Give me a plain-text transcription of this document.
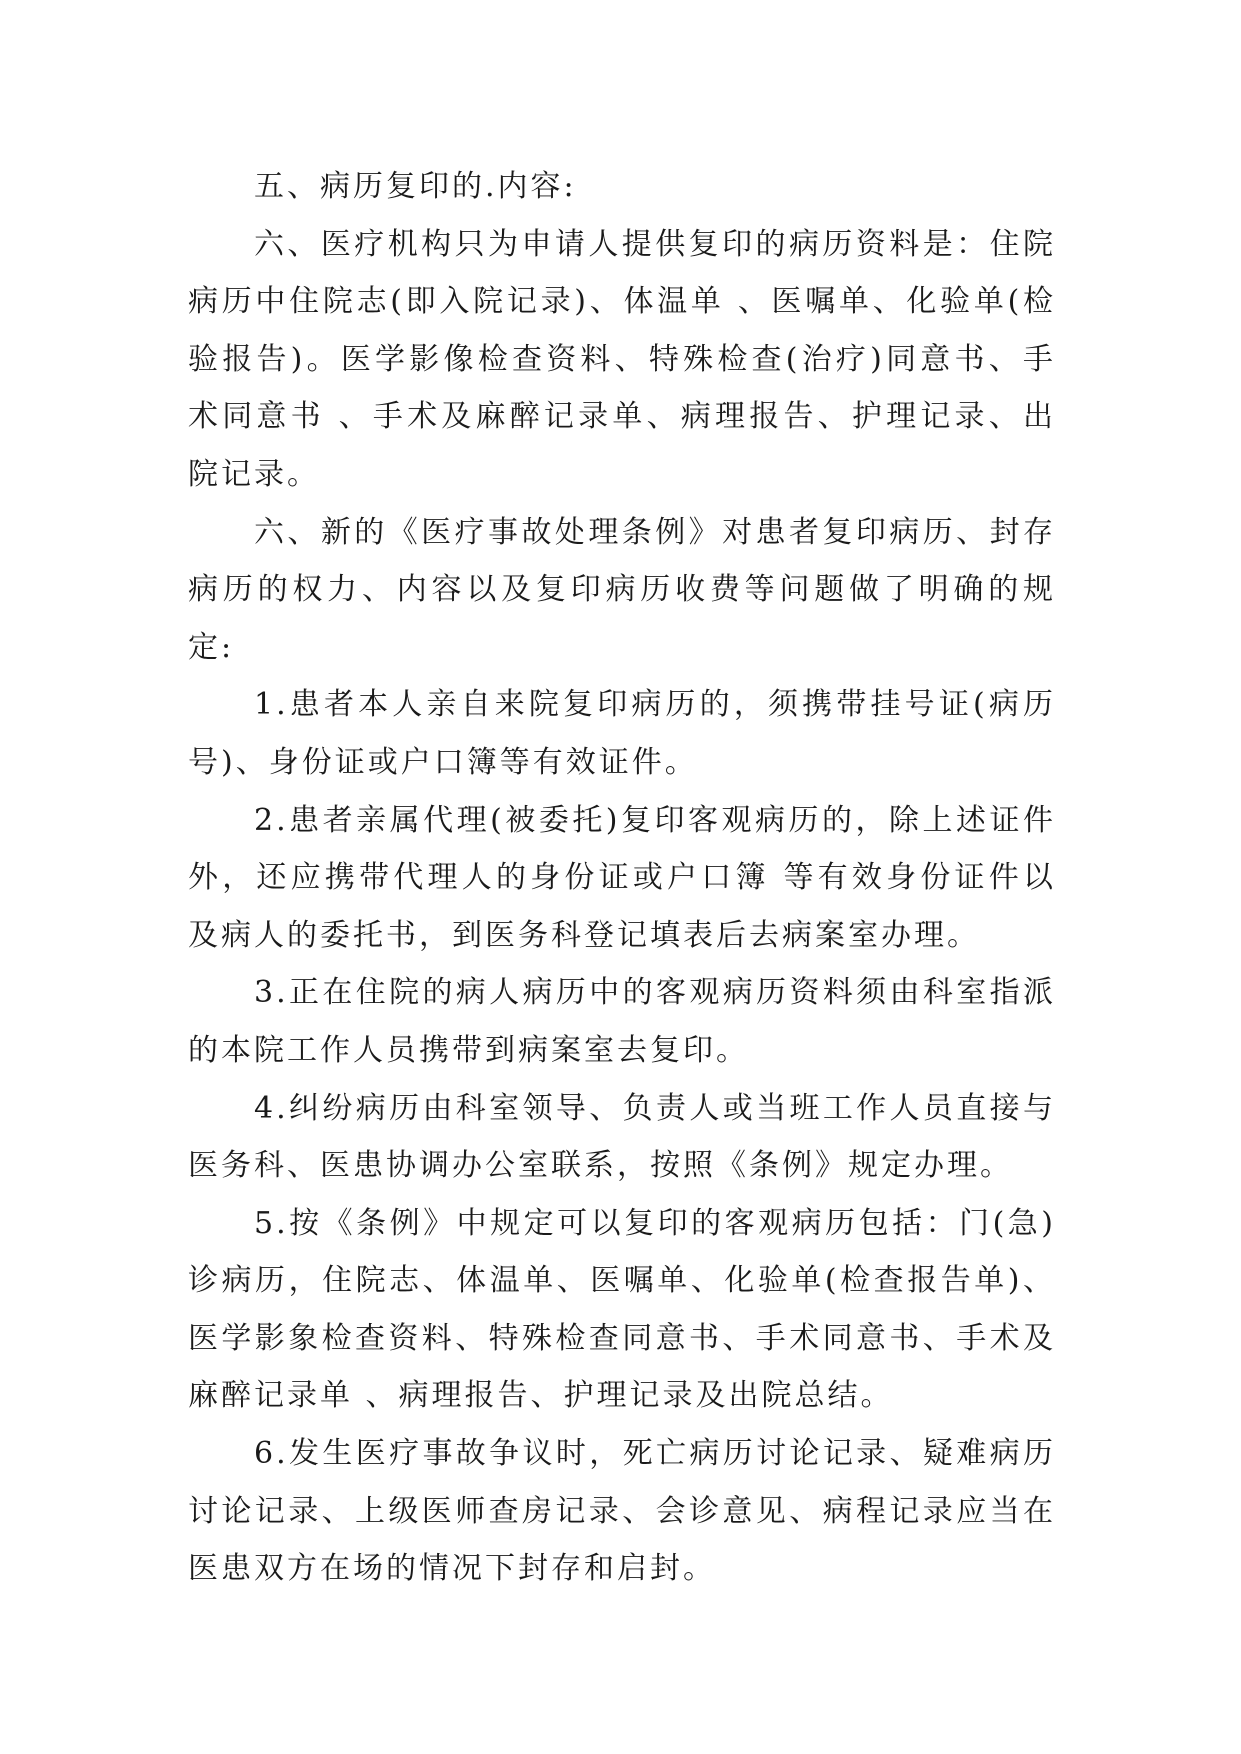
五、病历复印的.内容:

六、医疗机构只为申请人提供复印的病历资料是：住院病历中住院志(即入院记录)、体温单 、医嘱单、化验单(检验报告)。医学影像检查资料、特殊检查(治疗)同意书、手术同意书 、手术及麻醉记录单、病理报告、护理记录、出院记录。

六、新的《医疗事故处理条例》对患者复印病历、封存病历的权力、内容以及复印病历收费等问题做了明确的规定:

1.患者本人亲自来院复印病历的，须携带挂号证(病历号)、身份证或户口簿等有效证件。

2.患者亲属代理(被委托)复印客观病历的，除上述证件外，还应携带代理人的身份证或户口簿 等有效身份证件以及病人的委托书，到医务科登记填表后去病案室办理。

3.正在住院的病人病历中的客观病历资料须由科室指派的本院工作人员携带到病案室去复印。

4.纠纷病历由科室领导、负责人或当班工作人员直接与医务科、医患协调办公室联系，按照《条例》规定办理。

5.按《条例》中规定可以复印的客观病历包括：门(急)诊病历，住院志、体温单、医嘱单、化验单(检查报告单)、医学影象检查资料、特殊检查同意书、手术同意书、手术及麻醉记录单 、病理报告、护理记录及出院总结。

6.发生医疗事故争议时，死亡病历讨论记录、疑难病历讨论记录、上级医师查房记录、会诊意见、病程记录应当在医患双方在场的情况下封存和启封。
